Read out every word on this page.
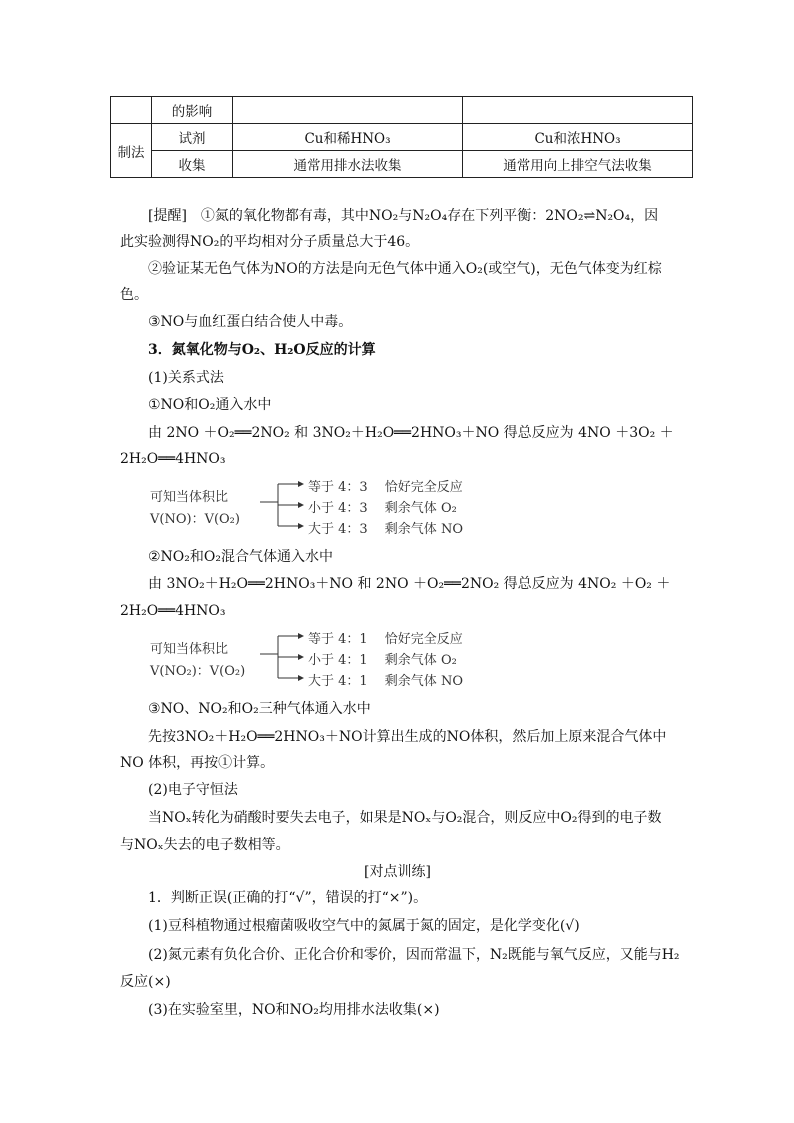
	的影响		
制法	试剂	Cu和稀HNO₃	Cu和浓HNO₃
	收集	通常用排水法收集	通常用向上排空气法收集
[提醒]　①氮的氧化物都有毒，其中NO₂与N₂O₄存在下列平衡：2NO₂⇌N₂O₄，因
此实验测得NO₂的平均相对分子质量总大于46。
②验证某无色气体为NO的方法是向无色气体中通入O₂(或空气)，无色气体变为红棕
色。
③NO与血红蛋白结合使人中毒。
3．氮氧化物与O₂、H₂O反应的计算
(1)关系式法
①NO和O₂通入水中
由 2NO ＋O₂══2NO₂ 和 3NO₂＋H₂O══2HNO₃＋NO 得总反应为 4NO ＋3O₂ ＋
2H₂O══4HNO₃
可知当体积比
V(NO)：V(O₂)
等于 4：3　 恰好完全反应
小于 4：3　 剩余气体 O₂
大于 4：3　 剩余气体 NO
②NO₂和O₂混合气体通入水中
由 3NO₂＋H₂O══2HNO₃＋NO 和 2NO ＋O₂══2NO₂ 得总反应为 4NO₂ ＋O₂ ＋
2H₂O══4HNO₃
可知当体积比
V(NO₂)：V(O₂)
等于 4：1　 恰好完全反应
小于 4：1　 剩余气体 O₂
大于 4：1　 剩余气体 NO
③NO、NO₂和O₂三种气体通入水中
先按3NO₂＋H₂O══2HNO₃＋NO计算出生成的NO体积，然后加上原来混合气体中
NO 体积，再按①计算。
(2)电子守恒法
当NOₓ转化为硝酸时要失去电子，如果是NOₓ与O₂混合，则反应中O₂得到的电子数
与NOₓ失去的电子数相等。
[对点训练]
1．判断正误(正确的打“√”，错误的打“×”)。
(1)豆科植物通过根瘤菌吸收空气中的氮属于氮的固定，是化学变化(√)
(2)氮元素有负化合价、正化合价和零价，因而常温下，N₂既能与氧气反应，又能与H₂
反应(×)
(3)在实验室里，NO和NO₂均用排水法收集(×)
